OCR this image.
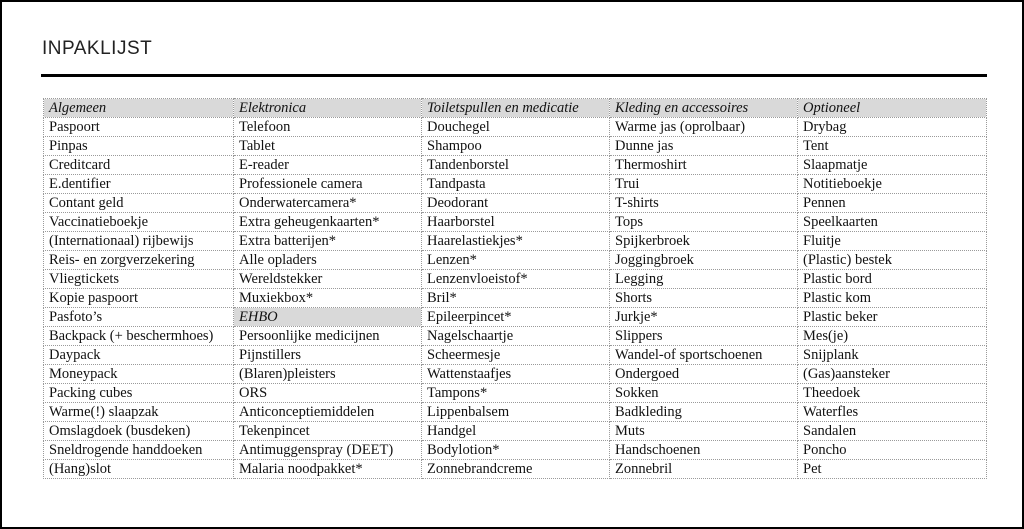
INPAKLIJST
Algemeen	Elektronica	Toiletspullen en medicatie	Kleding en accessoires	Optioneel
Paspoort	Telefoon	Douchegel	Warme jas (oprolbaar)	Drybag
Pinpas	Tablet	Shampoo	Dunne jas	Tent
Creditcard	E-reader	Tandenborstel	Thermoshirt	Slaapmatje
E.dentifier	Professionele camera	Tandpasta	Trui	Notitieboekje
Contant geld	Onderwatercamera*	Deodorant	T-shirts	Pennen
Vaccinatieboekje	Extra geheugenkaarten*	Haarborstel	Tops	Speelkaarten
(Internationaal) rijbewijs	Extra batterijen*	Haarelastiekjes*	Spijkerbroek	Fluitje
Reis- en zorgverzekering	Alle opladers	Lenzen*	Joggingbroek	(Plastic) bestek
Vliegtickets	Wereldstekker	Lenzenvloeistof*	Legging	Plastic bord
Kopie paspoort	Muxiekbox*	Bril*	Shorts	Plastic kom
Pasfoto’s	EHBO	Epileerpincet*	Jurkje*	Plastic beker
Backpack (+ beschermhoes)	Persoonlijke medicijnen	Nagelschaartje	Slippers	Mes(je)
Daypack	Pijnstillers	Scheermesje	Wandel-of sportschoenen	Snijplank
Moneypack	(Blaren)pleisters	Wattenstaafjes	Ondergoed	(Gas)aansteker
Packing cubes	ORS	Tampons*	Sokken	Theedoek
Warme(!) slaapzak	Anticonceptiemiddelen	Lippenbalsem	Badkleding	Waterfles
Omslagdoek (busdeken)	Tekenpincet	Handgel	Muts	Sandalen
Sneldrogende handdoeken	Antimuggenspray (DEET)	Bodylotion*	Handschoenen	Poncho
(Hang)slot	Malaria noodpakket*	Zonnebrandcreme	Zonnebril	Pet
